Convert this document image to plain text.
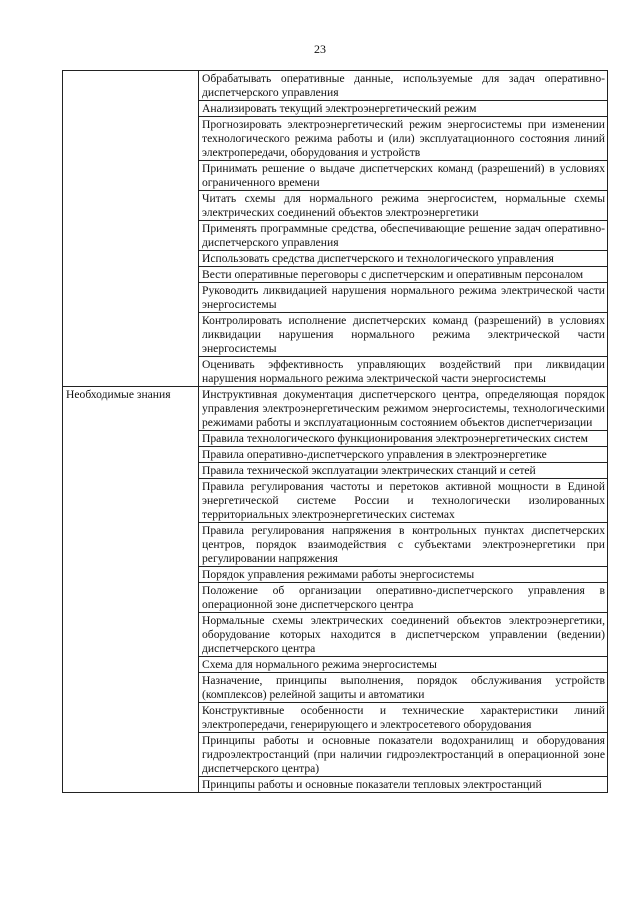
23
	Обрабатывать оперативные данные, используемые для задач оперативно-диспетчерского управления
	Анализировать текущий электроэнергетический режим
	Прогнозировать электроэнергетический режим энергосистемы при изменении технологического режима работы и (или) эксплуатационного состояния линий электропередачи, оборудования и устройств
	Принимать решение о выдаче диспетчерских команд (разрешений) в условиях ограниченного времени
	Читать схемы для нормального режима энергосистем, нормальные схемы электрических соединений объектов электроэнергетики
	Применять программные средства, обеспечивающие решение задач оперативно-диспетчерского управления
	Использовать средства диспетчерского и технологического управления
	Вести оперативные переговоры с диспетчерским и оперативным персоналом
	Руководить ликвидацией нарушения нормального режима электрической части энергосистемы
	Контролировать исполнение диспетчерских команд (разрешений) в условиях ликвидации нарушения нормального режима электрической части энергосистемы
	Оценивать эффективность управляющих воздействий при ликвидации нарушения нормального режима электрической части энергосистемы
Необходимые знания	Инструктивная документация диспетчерского центра, определяющая порядок управления электроэнергетическим режимом энергосистемы, технологическими режимами работы и эксплуатационным состоянием объектов диспетчеризации
	Правила технологического функционирования электроэнергетических систем
	Правила оперативно-диспетчерского управления в электроэнергетике
	Правила технической эксплуатации электрических станций и сетей
	Правила регулирования частоты и перетоков активной мощности в Единой энергетической системе России и технологически изолированных территориальных электроэнергетических системах
	Правила регулирования напряжения в контрольных пунктах диспетчерских центров, порядок взаимодействия с субъектами электроэнергетики при регулировании напряжения
	Порядок управления режимами работы энергосистемы
	Положение об организации оперативно-диспетчерского управления в операционной зоне диспетчерского центра
	Нормальные схемы электрических соединений объектов электроэнергетики, оборудование которых находится в диспетчерском управлении (ведении) диспетчерского центра
	Схема для нормального режима энергосистемы
	Назначение, принципы выполнения, порядок обслуживания устройств (комплексов) релейной защиты и автоматики
	Конструктивные особенности и технические характеристики линий электропередачи, генерирующего и электросетевого оборудования
	Принципы работы и основные показатели водохранилищ и оборудования гидроэлектростанций (при наличии гидроэлектростанций в операционной зоне диспетчерского центра)
	Принципы работы и основные показатели тепловых электростанций
